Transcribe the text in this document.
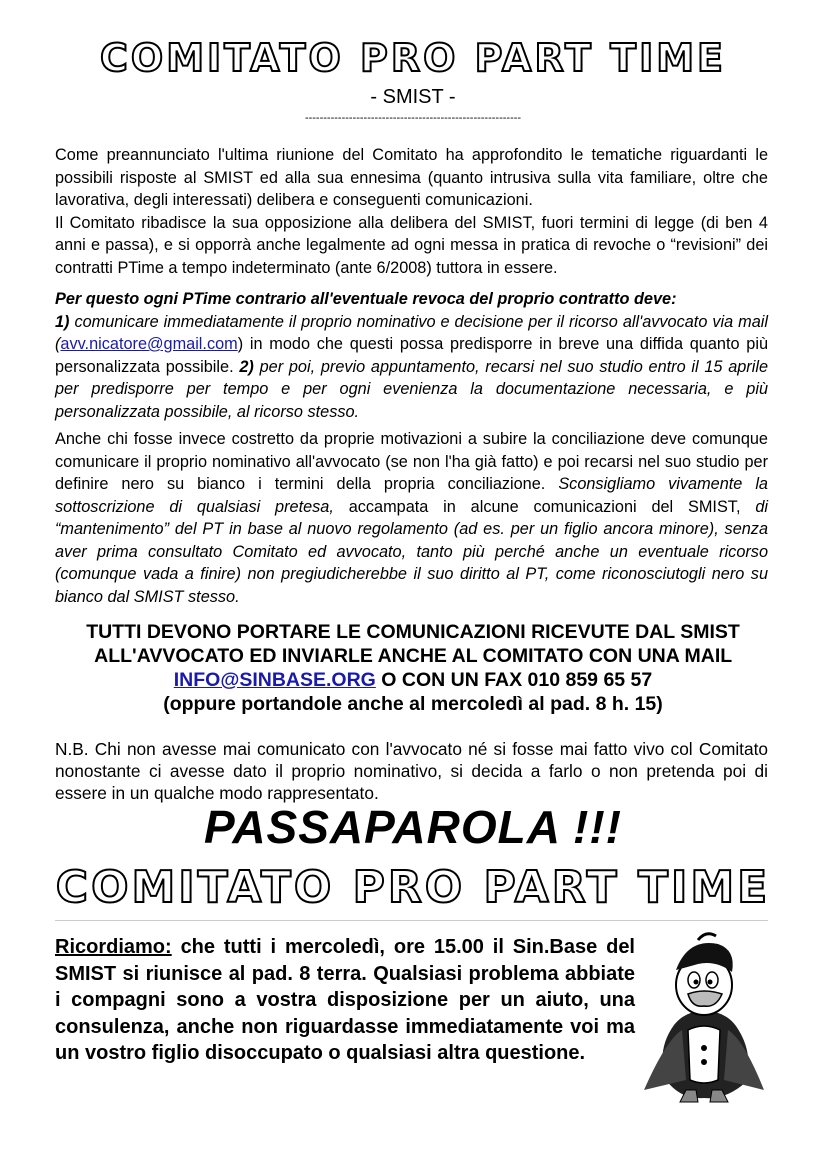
COMITATO PRO PART TIME
- SMIST -
-----------------------------------------------------------
Come preannunciato l'ultima riunione del Comitato ha approfondito le tematiche riguardanti le possibili risposte al SMIST ed alla sua ennesima (quanto intrusiva sulla vita familiare, oltre che lavorativa, degli interessati) delibera e conseguenti comunicazioni.
Il Comitato ribadisce la sua opposizione alla delibera del SMIST, fuori termini di legge (di ben 4 anni e passa), e si opporrà anche legalmente ad ogni messa in pratica di revoche o “revisioni” dei contratti PTime a tempo indeterminato (ante 6/2008) tuttora in essere.
Per questo ogni PTime contrario all'eventuale revoca del proprio contratto deve:
1) comunicare immediatamente il proprio nominativo e decisione per il ricorso all'avvocato via mail (avv.nicatore@gmail.com) in modo che questi possa predisporre in breve una diffida quanto più personalizzata possibile. 2) per poi, previo appuntamento, recarsi nel suo studio entro il 15 aprile per predisporre per tempo e per ogni evenienza la documentazione necessaria, e più personalizzata possibile, al ricorso stesso.
Anche chi fosse invece costretto da proprie motivazioni a subire la conciliazione deve comunque comunicare il proprio nominativo all'avvocato (se non l'ha già fatto) e poi recarsi nel suo studio per definire nero su bianco i termini della propria conciliazione. Sconsigliamo vivamente la sottoscrizione di qualsiasi pretesa, accampata in alcune comunicazioni del SMIST, di “mantenimento” del PT in base al nuovo regolamento (ad es. per un figlio ancora minore), senza aver prima consultato Comitato ed avvocato, tanto più perché anche un eventuale ricorso (comunque vada a finire) non pregiudicherebbe il suo diritto al PT, come riconosciutogli nero su bianco dal SMIST stesso.
TUTTI DEVONO PORTARE LE COMUNICAZIONI RICEVUTE DAL SMIST ALL'AVVOCATO ED INVIARLE ANCHE AL COMITATO CON UNA MAIL INFO@SINBASE.ORG O CON UN FAX 010 859 65 57
(oppure portandole anche al mercoledì al pad. 8 h. 15)
N.B. Chi non avesse mai comunicato con l'avvocato né si fosse mai fatto vivo col Comitato nonostante ci avesse dato il proprio nominativo, si decida a farlo o non pretenda poi di essere in un qualche modo rappresentato.
PASSAPAROLA !!!
COMITATO PRO PART TIME
Ricordiamo: che tutti i mercoledì, ore 15.00 il Sin.Base del SMIST si riunisce al pad. 8 terra. Qualsiasi problema abbiate i compagni sono a vostra disposizione per un aiuto, una consulenza, anche non riguardasse immediatamente voi ma un vostro figlio disoccupato o qualsiasi altra questione.
